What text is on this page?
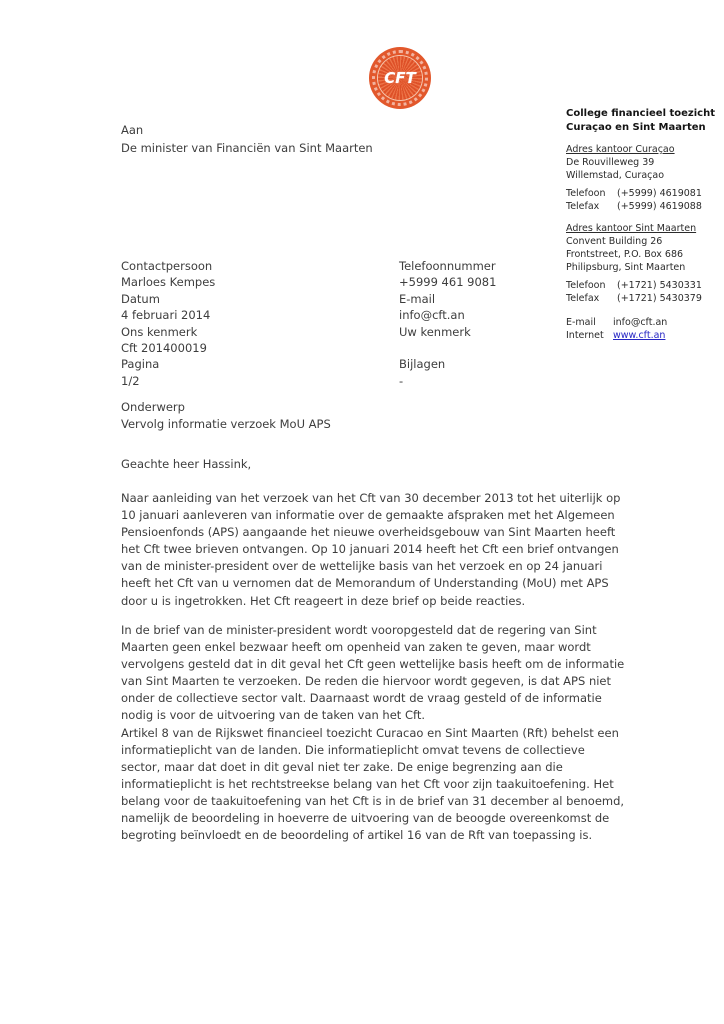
CFT
College financieel toezicht
Curaçao en Sint Maarten
Adres kantoor Curaçao
De Rouvilleweg 39
Willemstad, Curaçao
Telefoon	(+5999) 4619081
Telefax	(+5999) 4619088
Adres kantoor Sint Maarten
Convent Building 26
Frontstreet, P.O. Box 686
Philipsburg, Sint Maarten
Telefoon	(+1721) 5430331
Telefax	(+1721) 5430379
E-mail info@cft.an
Internet www.cft.an
Aan
De minister van Financiën van Sint Maarten
Contactpersoon
Marloes Kempes
Datum
4 februari 2014
Ons kenmerk
Cft 201400019
Pagina
1/2
Telefoonnummer
+5999 461 9081
E-mail
info@cft.an
Uw kenmerk
Bijlagen
-
Onderwerp
Vervolg informatie verzoek MoU APS
Geachte heer Hassink,
Naar aanleiding van het verzoek van het Cft van 30 december 2013 tot het uiterlijk op 10 januari aanleveren van informatie over de gemaakte afspraken met het Algemeen Pensioenfonds (APS) aangaande het nieuwe overheidsgebouw van Sint Maarten heeft het Cft twee brieven ontvangen. Op 10 januari 2014 heeft het Cft een brief ontvangen van de minister-president over de wettelijke basis van het verzoek en op 24 januari heeft het Cft van u vernomen dat de Memorandum of Understanding (MoU) met APS door u is ingetrokken. Het Cft reageert in deze brief op beide reacties.

In de brief van de minister-president wordt vooropgesteld dat de regering van Sint Maarten geen enkel bezwaar heeft om openheid van zaken te geven, maar wordt vervolgens gesteld dat in dit geval het Cft geen wettelijke basis heeft om de informatie van Sint Maarten te verzoeken. De reden die hiervoor wordt gegeven, is dat APS niet onder de collectieve sector valt. Daarnaast wordt de vraag gesteld of de informatie nodig is voor de uitvoering van de taken van het Cft.

Artikel 8 van de Rijkswet financieel toezicht Curacao en Sint Maarten (Rft) behelst een informatieplicht van de landen. Die informatieplicht omvat tevens de collectieve sector, maar dat doet in dit geval niet ter zake. De enige begrenzing aan die informatieplicht is het rechtstreekse belang van het Cft voor zijn taakuitoefening. Het belang voor de taakuitoefening van het Cft is in de brief van 31 december al benoemd, namelijk de beoordeling in hoeverre de uitvoering van de beoogde overeenkomst de begroting beïnvloedt en de beoordeling of artikel 16 van de Rft van toepassing is.
